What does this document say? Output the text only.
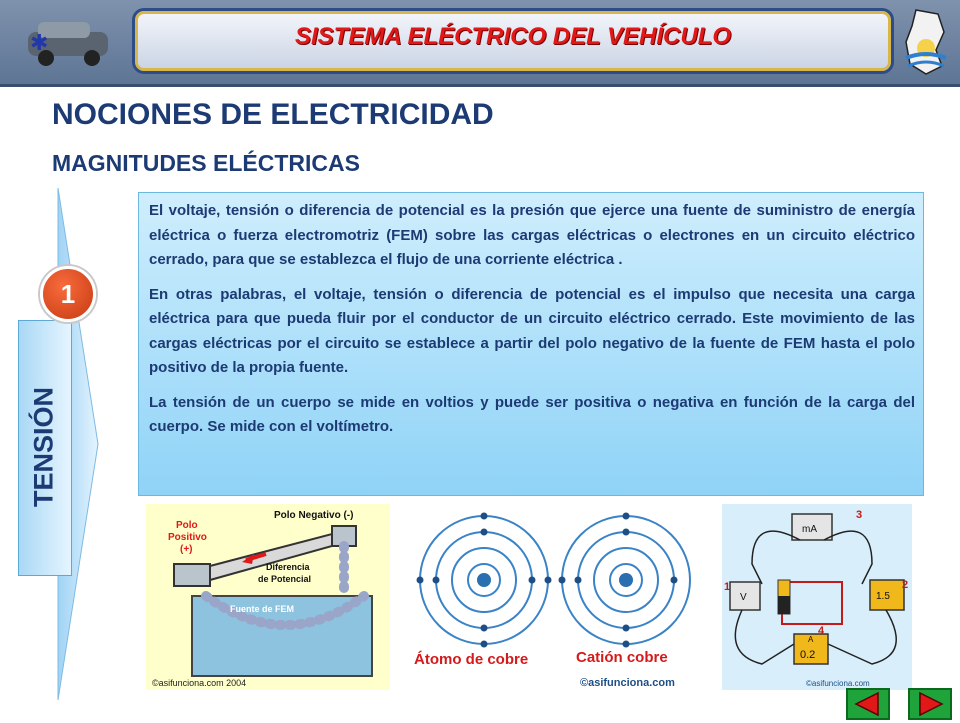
✱	SISTEMA ELÉCTRICO DEL VEHÍCULO
NOCIONES DE ELECTRICIDAD
MAGNITUDES ELÉCTRICAS
TENSIÓN
1

El voltaje, tensión o diferencia de potencial es la presión que ejerce una fuente de suministro de energía eléctrica o fuerza electromotriz (FEM) sobre las cargas eléctricas o electrones en un circuito eléctrico cerrado, para que se establezca el flujo de una corriente eléctrica .

En otras palabras, el voltaje, tensión o diferencia de potencial es el impulso que necesita una carga eléctrica para que pueda fluir por el conductor de un circuito eléctrico cerrado. Este movimiento de las cargas eléctricas por el circuito se establece a partir del polo negativo de la fuente de FEM hasta el polo positivo de la propia fuente.

La tensión de un cuerpo se mide en voltios y puede ser positiva o negativa en función de la carga del cuerpo. Se mide con el voltímetro.

Polo Negativo (-)
Polo
Positivo
(+)
Diferencia
de Potencial
Fuente de FEM
©asifunciona.com 2004
Átomo de cobre	Catión cobre
©asifunciona.com
mA
V	1.5
A
0.2
1	2
3
4
©asifunciona.com
